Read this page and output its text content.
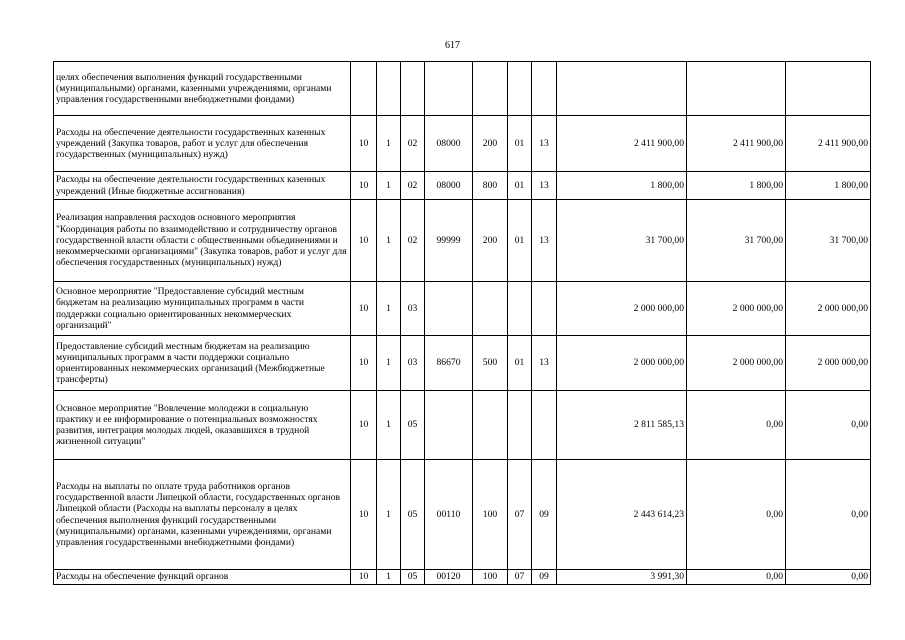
617
целях обеспечения выполнения функций государственными (муниципальными) органами, казенными учреждениями, органами управления государственными внебюджетными фондами)										
Расходы на обеспечение деятельности государственных казенных учреждений (Закупка товаров, работ и услуг для обеспечения государственных (муниципальных) нужд)	10	1	02	08000	200	01	13	2 411 900,00	2 411 900,00	2 411 900,00
Расходы на обеспечение деятельности государственных казенных учреждений (Иные бюджетные ассигнования)	10	1	02	08000	800	01	13	1 800,00	1 800,00	1 800,00
Реализация направления расходов основного мероприятия "Координация работы по взаимодействию и сотрудничеству органов государственной власти области с общественными объединениями и некоммерческими организациями" (Закупка товаров, работ и услуг для обеспечения государственных (муниципальных) нужд)	10	1	02	99999	200	01	13	31 700,00	31 700,00	31 700,00
Основное мероприятие "Предоставление субсидий местным бюджетам на реализацию муниципальных программ в части поддержки социально ориентированных некоммерческих организаций"	10	1	03					2 000 000,00	2 000 000,00	2 000 000,00
Предоставление субсидий местным бюджетам на реализацию муниципальных программ в части поддержки социально ориентированных некоммерческих организаций (Межбюджетные трансферты)	10	1	03	86670	500	01	13	2 000 000,00	2 000 000,00	2 000 000,00
Основное мероприятие "Вовлечение молодежи в социальную практику и ее информирование о потенциальных возможностях развития, интеграция молодых людей, оказавшихся в трудной жизненной ситуации"	10	1	05					2 811 585,13	0,00	0,00
Расходы на выплаты по оплате труда работников органов государственной власти Липецкой области, государственных органов Липецкой области (Расходы на выплаты персоналу в целях обеспечения выполнения функций государственными (муниципальными) органами, казенными учреждениями, органами управления государственными внебюджетными фондами)	10	1	05	00110	100	07	09	2 443 614,23	0,00	0,00
Расходы на обеспечение функций органов	10	1	05	00120	100	07	09	3 991,30	0,00	0,00
